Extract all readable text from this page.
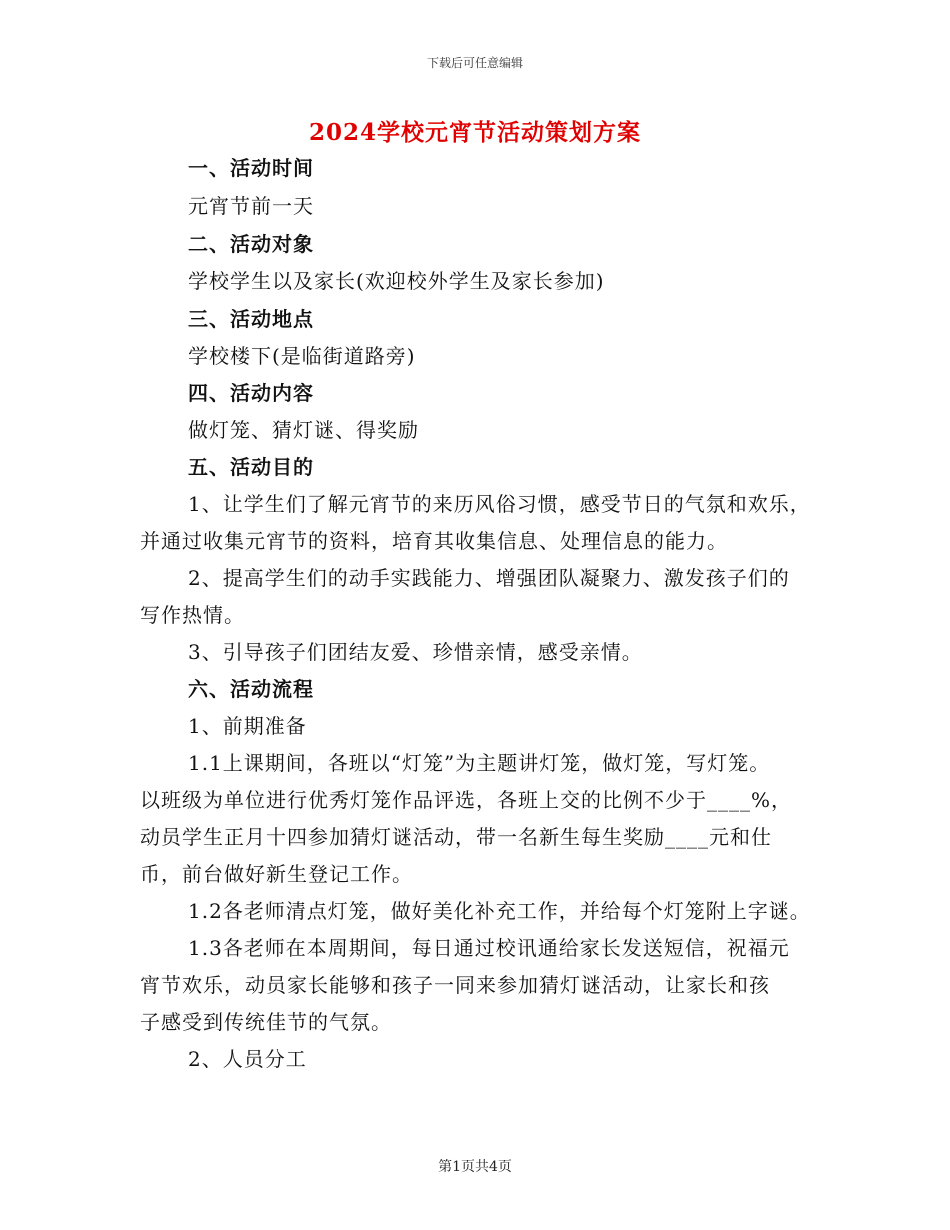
下载后可任意编辑
2024学校元宵节活动策划方案
一、活动时间
元宵节前一天
二、活动对象
学校学生以及家长(欢迎校外学生及家长参加)
三、活动地点
学校楼下(是临街道路旁)
四、活动内容
做灯笼、猜灯谜、得奖励
五、活动目的
1、让学生们了解元宵节的来历风俗习惯，感受节日的气氛和欢乐，
并通过收集元宵节的资料，培育其收集信息、处理信息的能力。
2、提高学生们的动手实践能力、增强团队凝聚力、激发孩子们的
写作热情。
3、引导孩子们团结友爱、珍惜亲情，感受亲情。
六、活动流程
1、前期准备
1.1上课期间，各班以“灯笼”为主题讲灯笼，做灯笼，写灯笼。
以班级为单位进行优秀灯笼作品评选，各班上交的比例不少于____%，
动员学生正月十四参加猜灯谜活动，带一名新生每生奖励____元和仕
币，前台做好新生登记工作。
1.2各老师清点灯笼，做好美化补充工作，并给每个灯笼附上字谜。
1.3各老师在本周期间，每日通过校讯通给家长发送短信，祝福元
宵节欢乐，动员家长能够和孩子一同来参加猜灯谜活动，让家长和孩
子感受到传统佳节的气氛。
2、人员分工
第1页共4页
